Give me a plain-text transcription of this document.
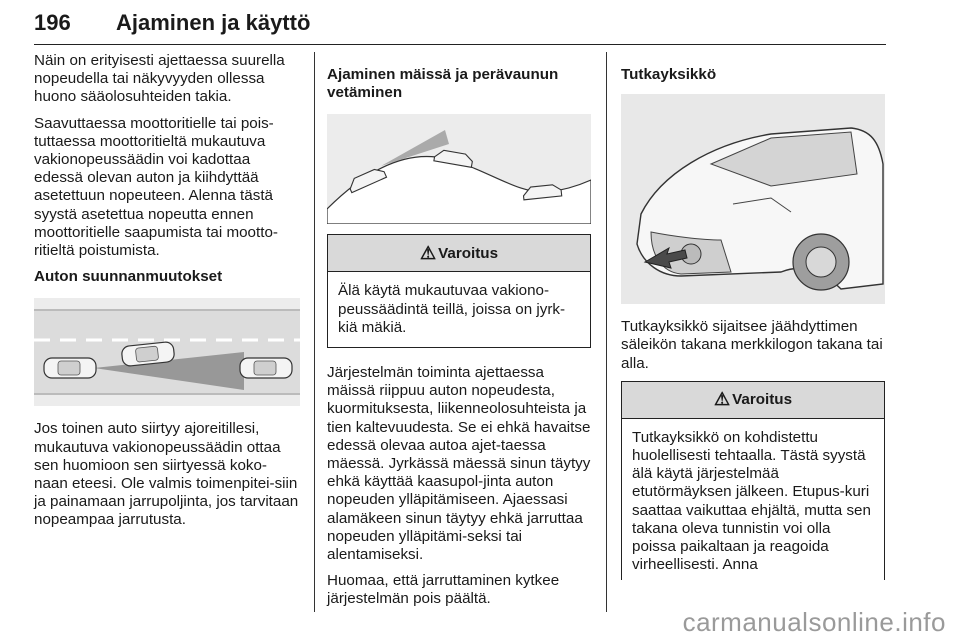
196 Ajaminen ja käyttö

Näin on erityisesti ajettaessa suurella nopeudella tai näkyvyyden ollessa huono sääolosuhteiden takia.

Saavuttaessa moottoritielle tai pois-tuttaessa moottoritieltä mukautuva vakionopeussäädin voi kadottaa edessä olevan auton ja kiihdyttää asetettuun nopeuteen. Alenna tästä syystä asetettua nopeutta ennen moottoritielle saapumista tai mootto-ritieltä poistumista.

Auton suunnanmuutokset

Jos toinen auto siirtyy ajoreitillesi, mukautuva vakionopeussäädin ottaa sen huomioon sen siirtyessä koko-naan eteesi. Ole valmis toimenpitei-siin ja painamaan jarrupoljinta, jos tarvitaan nopeampaa jarrutusta.

Ajaminen mäissä ja perävaunun vetäminen
⚠ Varoitus

Älä käytä mukautuvaa vakiono-peussäädintä teillä, joissa on jyrk-kiä mäkiä.

Järjestelmän toiminta ajettaessa mäissä riippuu auton nopeudesta, kuormituksesta, liikenneolosuhteista ja tien kaltevuudesta. Se ei ehkä havaitse edessä olevaa autoa ajet-taessa mäessä. Jyrkässä mäessä sinun täytyy ehkä käyttää kaasupol-jinta auton nopeuden ylläpitämiseen. Ajaessasi alamäkeen sinun täytyy ehkä jarruttaa nopeuden ylläpitämi-seksi tai alentamiseksi.

Huomaa, että jarruttaminen kytkee järjestelmän pois päältä.

Tutkayksikkö

Tutkayksikkö sijaitsee jäähdyttimen säleikön takana merkkilogon takana tai alla.

⚠ Varoitus

Tutkayksikkö on kohdistettu huolellisesti tehtaalla. Tästä syystä älä käytä järjestelmää etutörmäyksen jälkeen. Etupus-kuri saattaa vaikuttaa ehjältä, mutta sen takana oleva tunnistin voi olla poissa paikaltaan ja reagoida virheellisesti. Anna

carmanualsonline.info
